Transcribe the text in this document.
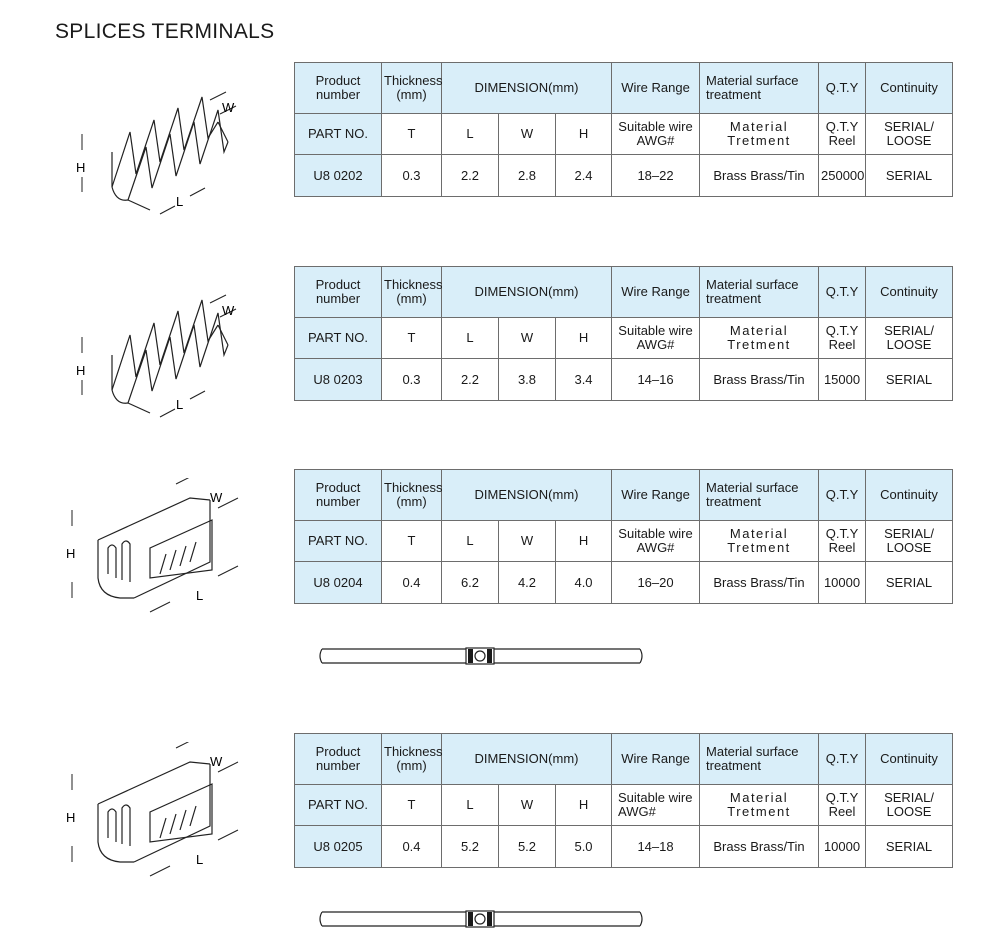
SPLICES TERMINALS
W
H
L
Product number	Thickness (mm)	DIMENSION(mm)			Wire Range	Material surface treatment	Q.T.Y	Continuity
PART NO.	T	L	W	H	Suitable wire AWG#	Material Tretment	Q.T.Y Reel	SERIAL/ LOOSE
U8 0202	0.3	2.2	2.8	2.4	18–22	Brass Brass/Tin	250000	SERIAL
W
H
L
Product number	Thickness (mm)	DIMENSION(mm)			Wire Range	Material surface treatment	Q.T.Y	Continuity
PART NO.	T	L	W	H	Suitable wire AWG#	Material Tretment	Q.T.Y Reel	SERIAL/ LOOSE
U8 0203	0.3	2.2	3.8	3.4	14–16	Brass Brass/Tin	15000	SERIAL
W
H
L
Product number	Thickness (mm)	DIMENSION(mm)			Wire Range	Material surface treatment	Q.T.Y	Continuity
PART NO.	T	L	W	H	Suitable wire AWG#	Material Tretment	Q.T.Y Reel	SERIAL/ LOOSE
U8 0204	0.4	6.2	4.2	4.0	16–20	Brass Brass/Tin	10000	SERIAL
W
H
L
Product number	Thickness (mm)	DIMENSION(mm)			Wire Range	Material surface treatment	Q.T.Y	Continuity
PART NO.	T	L	W	H	Suitable wire AWG#	Material Tretment	Q.T.Y Reel	SERIAL/ LOOSE
U8 0205	0.4	5.2	5.2	5.0	14–18	Brass Brass/Tin	10000	SERIAL
